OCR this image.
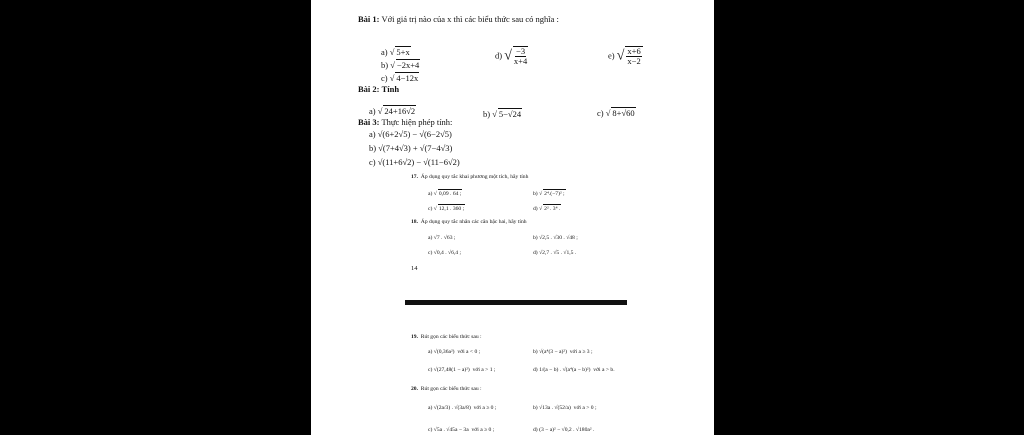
Bài 1: Với giá trị nào của x thì các biểu thức sau có nghĩa :
a) √ 5+x
b) √ −2x+4
c) √ 4−12x
d) √ $\frac{-3}{x+4}$	e) √ $\frac{x+6}{x-2}$
Bài 2: Tính
a) √ 24+16√2	b) √ 5−√24	c) √ 8+√60
Bài 3: Thực hiện phép tính:
a) √(6+2√5) − √(6−2√5)
b) √(7+4√3) + √(7−4√3)
c) √(11+6√2) − √(11−6√2)
17. Áp dụng quy tắc khai phương một tích, hãy tính
a) √ 0,09 . 64 ;	b) √ 2⁴.(−7)² ;
c) √ 12,1 . 360 ;	d) √ 2² . 3⁴ .
18. Áp dụng quy tắc nhân các căn bậc hai, hãy tính
a) √7 . √63 ;	b) √2,5 . √30 . √48 ;
c) √0,4 . √6,4 ;	d) √2,7 . √5 . √1,5 .
14
19. Rút gọn các biểu thức sau :
a) √(0,36a²) với a < 0 ;	b) √(a⁴(3 − a)²) với a ≥ 3 ;
c) √(27,48(1 − a)²) với a > 1 ;	d) 1/(a − b) . √(a⁴(a − b)²) với a > b.
20. Rút gọn các biểu thức sau :
a) √(2a/3) . √(3a/8) với a ≥ 0 ;	b) √13a . √(52/a) với a > 0 ;
c) √5a . √45a − 3a với a ≥ 0 ;	d) (3 − a)² − √0,2 . √180a² .
